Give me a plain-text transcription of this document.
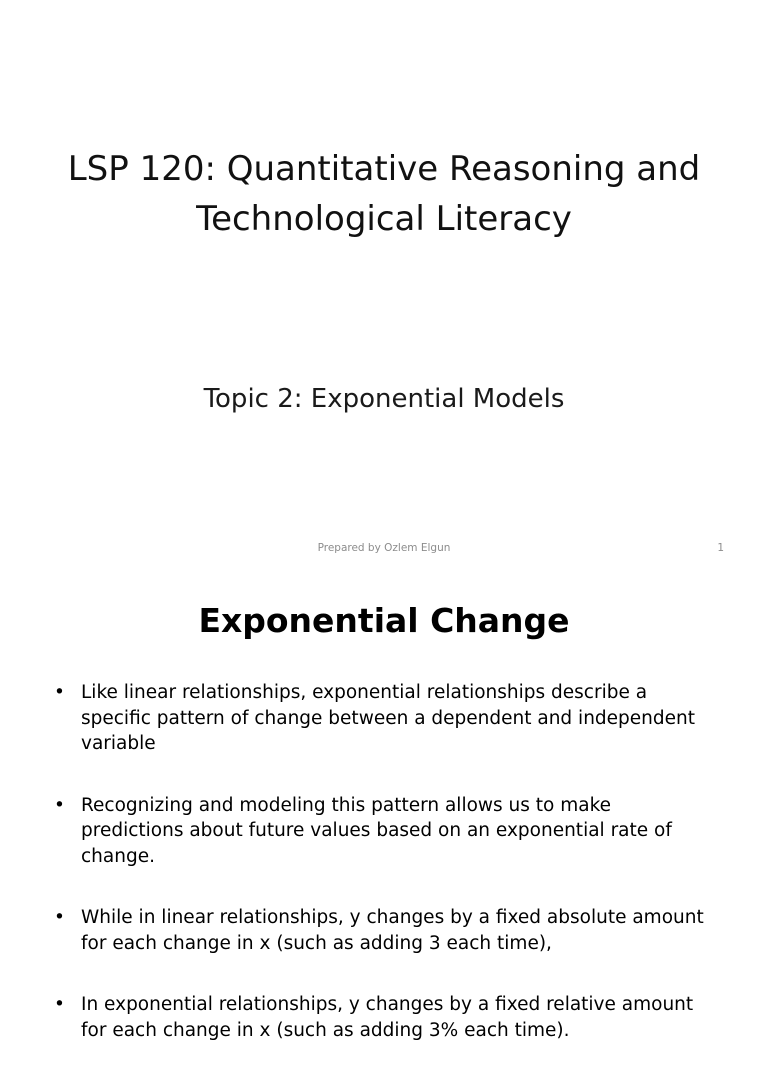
LSP 120: Quantitative Reasoning and
Technological Literacy
Topic 2: Exponential Models
Prepared by Ozlem Elgun	1
Exponential Change
• Like linear relationships, exponential relationships describe a
specific pattern of change between a dependent and independent
variable
• Recognizing and modeling this pattern allows us to make
predictions about future values based on an exponential rate of
change.
• While in linear relationships, y changes by a fixed absolute amount
for each change in x (such as adding 3 each time),
• In exponential relationships, y changes by a fixed relative amount
for each change in x (such as adding 3% each time).
